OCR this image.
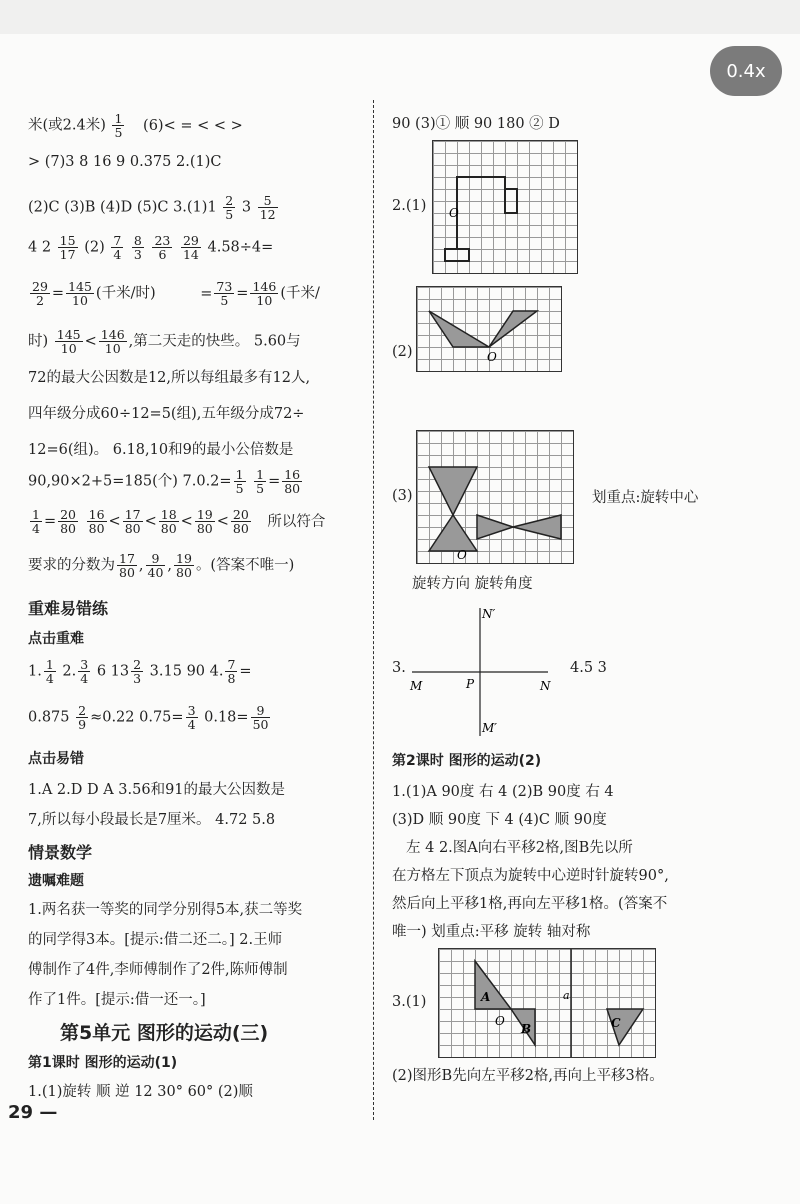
0.4x
米(或2.4米) $\frac{1}{5} (6)<$ = < < >
> (7)3 8 16 9 0.375 2.(1)C
(2)C (3)B (4)D (5)C $3.(1)1 \frac{2}{5} 3 \frac{5}{12}$
4 $2 \frac{15}{17} (2) \frac{7}{4}$
$\frac{8}{3}$
$\frac{23}{6}$
$\frac{29}{14} 4.58\div 4=$
$\frac{29}{2} = \frac{145}{10}$ (千米/时)	= $\frac{73}{5} = \frac{146}{10}$ (千米/
时) $\frac{145}{10} < \frac{146}{10}$ ,第二天走的快些。 5.60与
72的最大公因数是12,所以每组最多有12人,
四年级分成60÷12=5(组),五年级分成72÷
12=6(组)。 6.18,10和9的最小公倍数是
90,90×2+5=185(个) $7.0.2= \frac{1}{5}$
$\frac{1}{5} = \frac{16}{80}$
$\frac{1}{4} = \frac{20}{80}$
$\frac{16}{80} < \frac{17}{80} < \frac{18}{80} < \frac{19}{80} < \frac{20}{80}$ 所以符合
要求的分数为 $\frac{17}{80}$ , $\frac{9}{40}$ , $\frac{19}{80}$ 。(答案不唯一)
重难易错练
点击重难
1. $\frac{1}{4} 2$. $\frac{3}{4} 6$ $13 \frac{2}{3} 3.15$ 90 4. $\frac{7}{8}$ =
$0.875 \frac{2}{9} \approx 0.22$ $0.75= \frac{3}{4} 0.18= \frac{9}{50}$
点击易错
1.A 2.D D A 3.56和91的最大公因数是
7,所以每小段最长是7厘米。 4.72 5.8
情景数学
遗嘱难题
1.两名获一等奖的同学分别得5本,获二等奖
的同学得3本。[提示:借二还二。] 2.王师
傅制作了4件,李师傅制作了2件,陈师傅制
作了1件。[提示:借一还一。]
第5单元 图形的运动(三)
第1课时 图形的运动(1)
1.(1)旋转 顺 逆 12 30° 60° (2)顺
90 (3)① 顺 90 180 ② D
2.(1) O
(2)	O
(3)
O
划重点:旋转中心
旋转方向 旋转角度
3.
N′
M	P	N
M′
4.5 3
第2课时 图形的运动(2)
1.(1)A 90度 右 4 (2)B 90度 右 4
(3)D 顺 90度 下 4 (4)C 顺 90度
左 4 2.图A向右平移2格,图B先以所
在方格左下顶点为旋转中心逆时针旋转90°,
然后向上平移1格,再向左平移1格。(答案不
唯一) 划重点:平移 旋转 轴对称
3.(1)	A
O
B	C
a
(2)图形B先向左平移2格,再向上平移3格。
29 —
